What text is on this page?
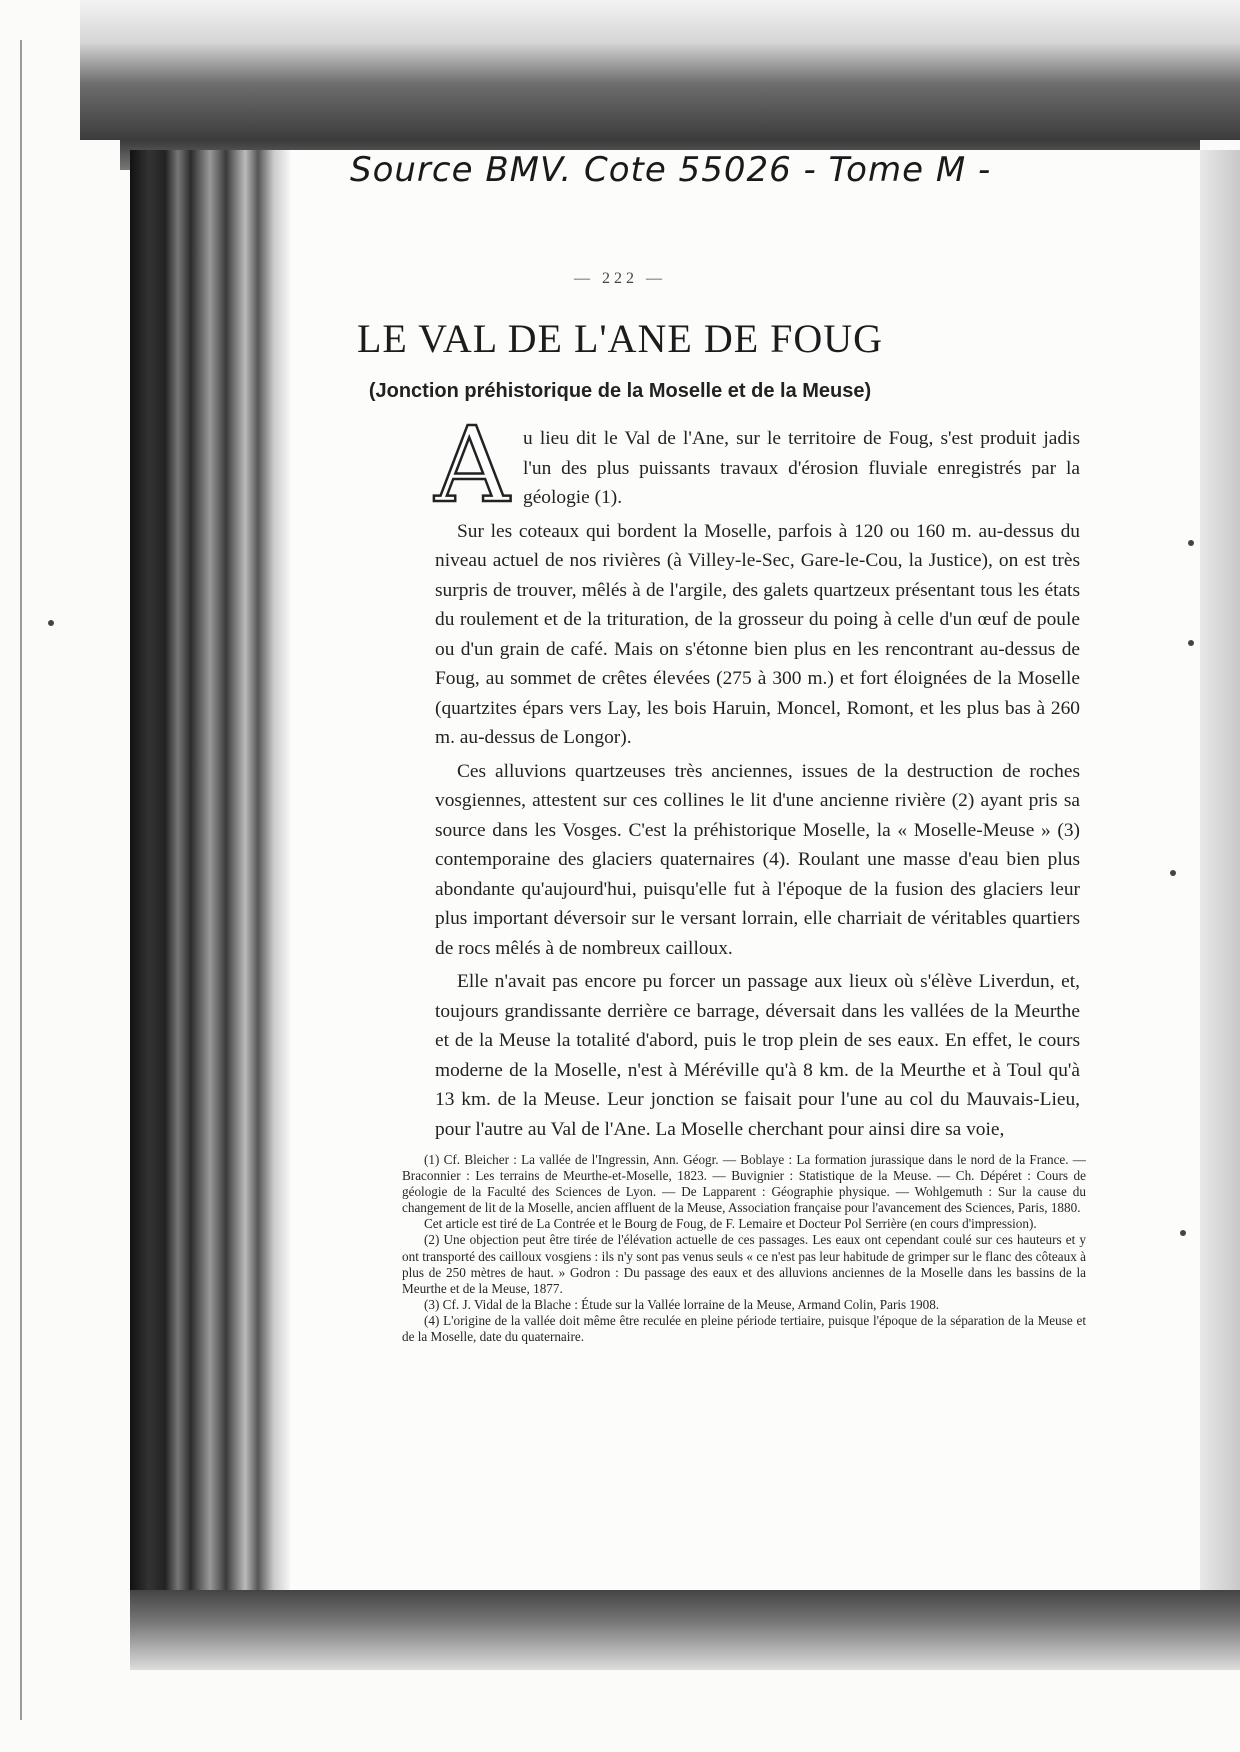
Source BMV. Cote 55026 - Tome M -
— 222 —
LE VAL DE L'ANE DE FOUG
(Jonction préhistorique de la Moselle et de la Meuse)

Au lieu dit le Val de l'Ane, sur le territoire de Foug, s'est produit jadis l'un des plus puissants travaux d'érosion fluviale enregistrés par la géologie (1).

Sur les coteaux qui bordent la Moselle, parfois à 120 ou 160 m. au-dessus du niveau actuel de nos rivières (à Villey-le-Sec, Gare-le-Cou, la Justice), on est très surpris de trouver, mêlés à de l'argile, des galets quartzeux présentant tous les états du roulement et de la trituration, de la grosseur du poing à celle d'un œuf de poule ou d'un grain de café. Mais on s'étonne bien plus en les rencontrant au-dessus de Foug, au sommet de crêtes élevées (275 à 300 m.) et fort éloignées de la Moselle (quartzites épars vers Lay, les bois Haruin, Moncel, Romont, et les plus bas à 260 m. au-dessus de Longor).

Ces alluvions quartzeuses très anciennes, issues de la destruction de roches vosgiennes, attestent sur ces collines le lit d'une ancienne rivière (2) ayant pris sa source dans les Vosges. C'est la préhistorique Moselle, la « Moselle-Meuse » (3) contemporaine des glaciers quaternaires (4). Roulant une masse d'eau bien plus abondante qu'aujourd'hui, puisqu'elle fut à l'époque de la fusion des glaciers leur plus important déversoir sur le versant lorrain, elle charriait de véritables quartiers de rocs mêlés à de nombreux cailloux.

Elle n'avait pas encore pu forcer un passage aux lieux où s'élève Liverdun, et, toujours grandissante derrière ce barrage, déversait dans les vallées de la Meurthe et de la Meuse la totalité d'abord, puis le trop plein de ses eaux. En effet, le cours moderne de la Moselle, n'est à Méréville qu'à 8 km. de la Meurthe et à Toul qu'à 13 km. de la Meuse. Leur jonction se faisait pour l'une au col du Mauvais-Lieu, pour l'autre au Val de l'Ane. La Moselle cherchant pour ainsi dire sa voie,

(1) Cf. Bleicher : La vallée de l'Ingressin, Ann. Géogr. — Boblaye : La formation jurassique dans le nord de la France. — Braconnier : Les terrains de Meurthe-et-Moselle, 1823. — Buvignier : Statistique de la Meuse. — Ch. Dépéret : Cours de géologie de la Faculté des Sciences de Lyon. — De Lapparent : Géographie physique. — Wohlgemuth : Sur la cause du changement de lit de la Moselle, ancien affluent de la Meuse, Association française pour l'avancement des Sciences, Paris, 1880.

Cet article est tiré de La Contrée et le Bourg de Foug, de F. Lemaire et Docteur Pol Serrière (en cours d'impression).

(2) Une objection peut être tirée de l'élévation actuelle de ces passages. Les eaux ont cependant coulé sur ces hauteurs et y ont transporté des cailloux vosgiens : ils n'y sont pas venus seuls « ce n'est pas leur habitude de grimper sur le flanc des côteaux à plus de 250 mètres de haut. » Godron : Du passage des eaux et des alluvions anciennes de la Moselle dans les bassins de la Meurthe et de la Meuse, 1877.

(3) Cf. J. Vidal de la Blache : Étude sur la Vallée lorraine de la Meuse, Armand Colin, Paris 1908.

(4) L'origine de la vallée doit même être reculée en pleine période tertiaire, puisque l'époque de la séparation de la Meuse et de la Moselle, date du quaternaire.
